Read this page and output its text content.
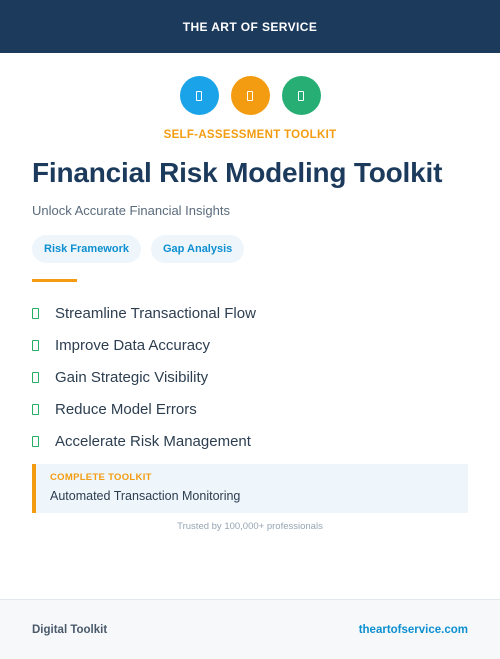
THE ART OF SERVICE
SELF-ASSESSMENT TOOLKIT
Financial Risk Modeling Toolkit

Unlock Accurate Financial Insights

Risk Framework	Gap Analysis
Streamline Transactional Flow
Improve Data Accuracy
Gain Strategic Visibility
Reduce Model Errors
Accelerate Risk Management
COMPLETE TOOLKIT
Automated Transaction Monitoring
Trusted by 100,000+ professionals
Digital Toolkit	theartofservice.com
